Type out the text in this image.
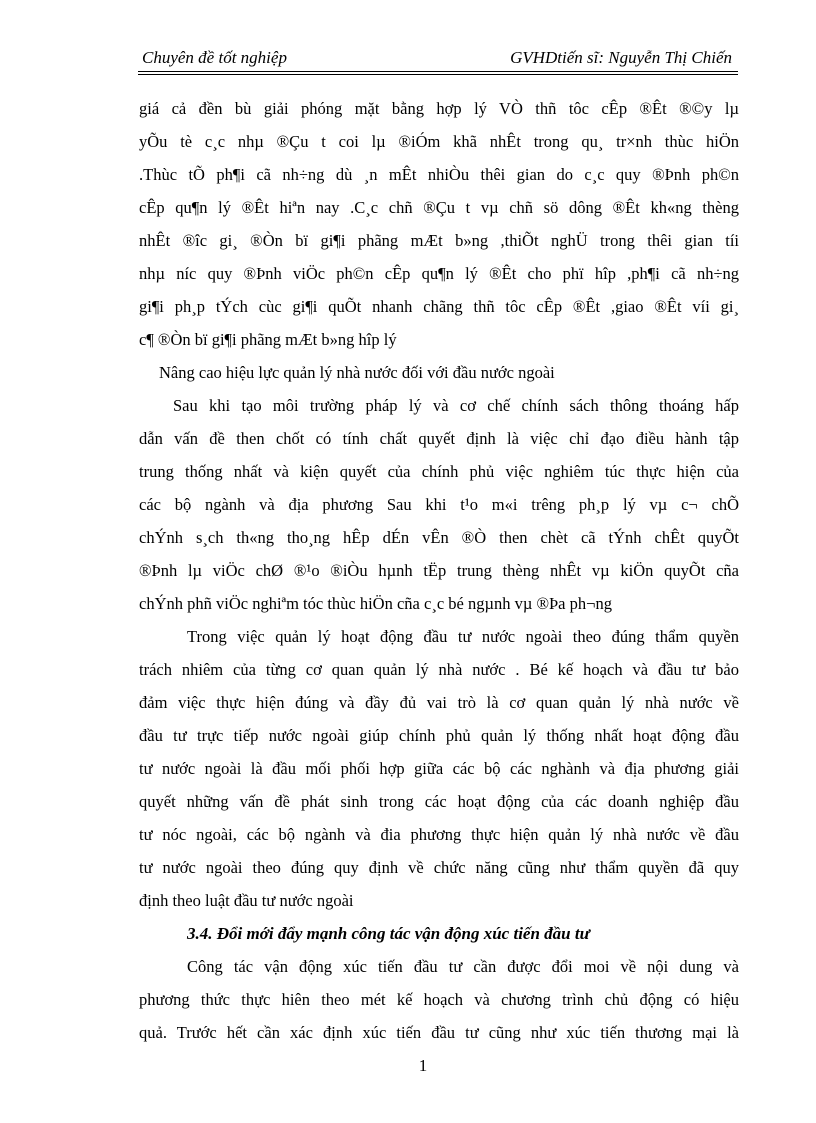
Chuyên đề tốt nghiệp	GVHDtiến sĩ: Nguyễn Thị Chiến

giá cả đền bù giải phóng mặt bằng hợp lý VÒ thñ tôc cÊp ®Êt ®©y lµ

yÕu tè c¸c nhµ ®Çu t coi lµ ®iÓm khã nhÊt trong qu¸ tr×nh thùc hiÖn

.Thùc tÕ ph¶i cã nh÷ng dù ¸n mÊt nhiÒu thêi gian do c¸c quy ®Þnh ph©n

cÊp qu¶n lý ®Êt hiªn nay .C¸c chñ ®Çu t vµ chñ sö dông ®Êt kh«ng thèng

nhÊt ®îc gi¸ ®Òn bï gi¶i phãng mÆt b»ng ,thiÕt nghÜ trong thêi gian tíi

nhµ níc quy ®Þnh viÖc ph©n cÊp qu¶n lý ®Êt cho phï hîp ,ph¶i cã nh÷ng

gi¶i ph¸p tÝch cùc gi¶i quÕt nhanh chãng thñ tôc cÊp ®Êt ,giao ®Êt víi gi¸

c¶ ®Òn bï gi¶i phãng mÆt b»ng hîp lý

Nâng cao hiệu lực quản lý nhà nước đối với đầu nước ngoài

Sau khi tạo môi trường pháp lý và cơ chế chính sách thông thoáng hấp

dẫn vấn đề then chốt có tính chất quyết định là việc chỉ đạo điều hành tập

trung thống nhất và kiện quyết của chính phủ việc nghiêm túc thực hiện của

các bộ ngành và địa phương Sau khi t¹o m«i trêng ph¸p lý vµ c¬ chÕ

chÝnh s¸ch th«ng tho¸ng hÊp dÉn vÊn ®Ò then chèt cã tÝnh chÊt quyÕt

®Þnh lµ viÖc chØ ®¹o ®iÒu hµnh tËp trung thèng nhÊt vµ kiÖn quyÕt cña

chÝnh phñ viÖc nghiªm tóc thùc hiÖn cña c¸c bé ngµnh vµ ®Þa ph¬ng

Trong việc quản lý hoạt động đầu tư nước ngoài theo đúng thẩm quyền

trách nhiêm của từng cơ quan quản lý nhà nước . Bé kế hoạch và đầu tư bảo

đảm việc thực hiện đúng và đầy đủ vai trò là cơ quan quản lý nhà nước về

đầu tư trực tiếp nước ngoài giúp chính phủ quản lý thống nhất hoạt động đầu

tư nước ngoài là đầu mối phối hợp giữa các bộ các nghành và địa phương giải

quyết những vấn đề phát sinh trong các hoạt động của các doanh nghiệp đầu

tư nóc ngoài, các bộ ngành và đia phương thực hiện quản lý nhà nước về đầu

tư nước ngoài theo đúng quy định về chức năng cũng như thẩm quyền đã quy

định theo luật đầu tư nước ngoài

3.4. Đổi mới đẩy mạnh công tác vận động xúc tiến đầu tư

Công tác vận động xúc tiến đầu tư cần được đổi moi về nội dung và

phương thức thực hiên theo mét kế hoạch và chương trình chủ động có hiệu

quả. Trước hết cần xác định xúc tiến đầu tư cũng như xúc tiến thương mại là

1
